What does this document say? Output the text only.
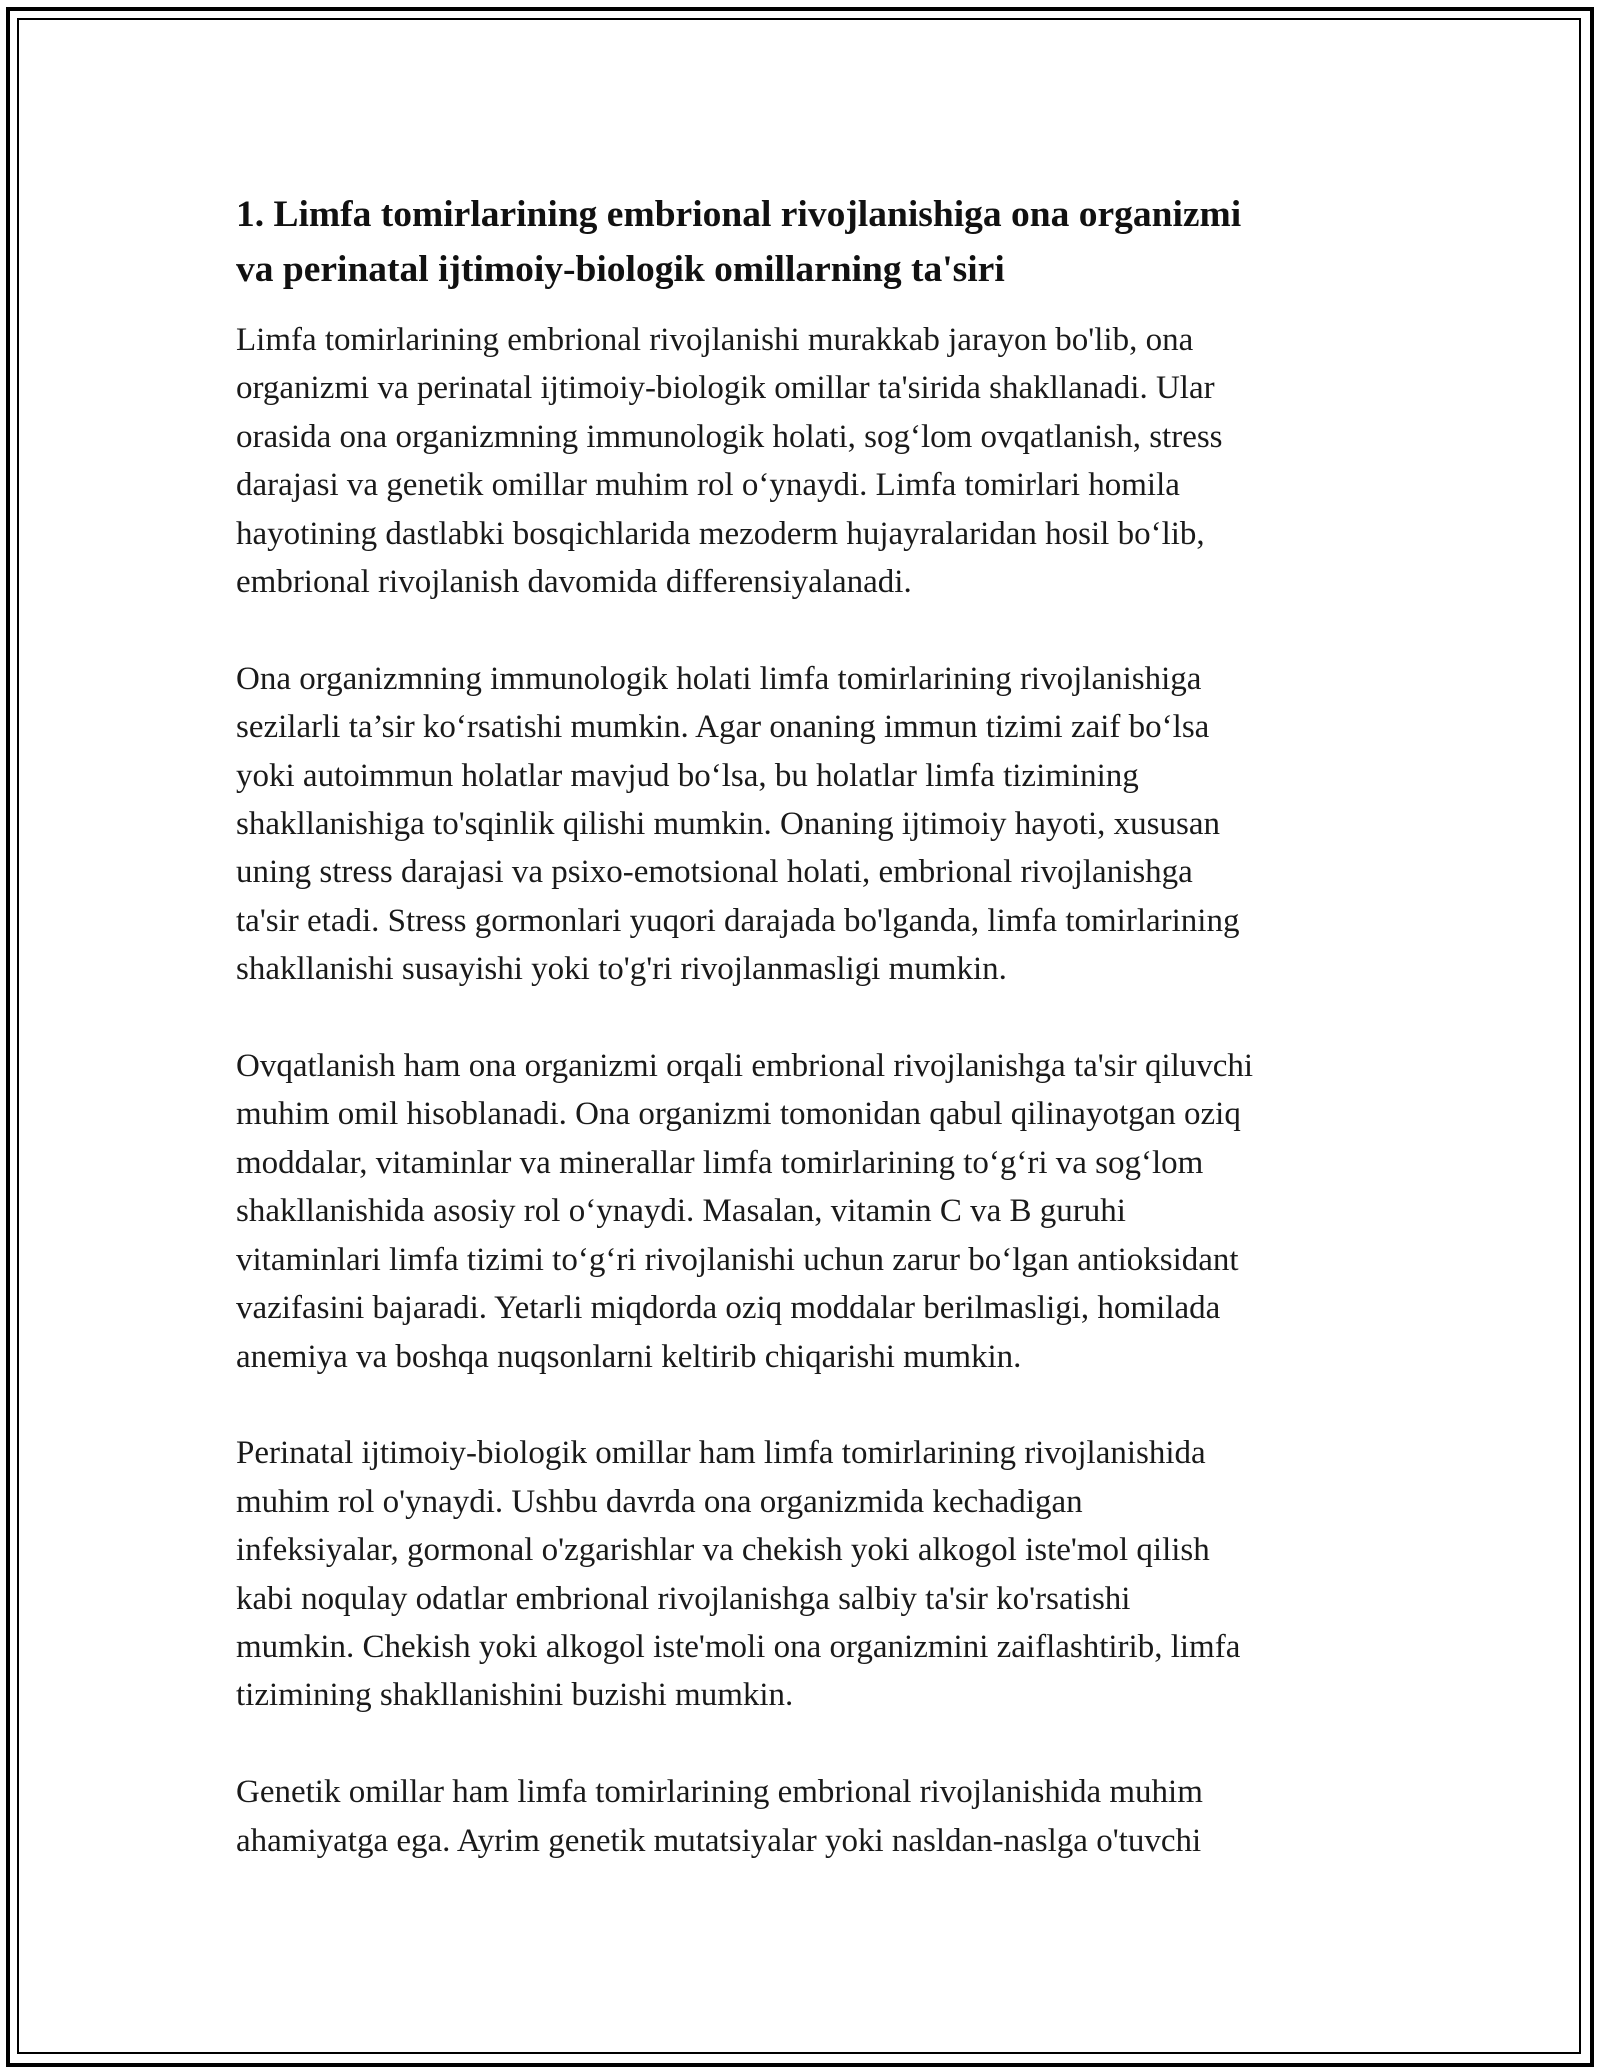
1. Limfa tomirlarining embrional rivojlanishiga ona organizmi
va perinatal ijtimoiy-biologik omillarning ta'siri

Limfa tomirlarining embrional rivojlanishi murakkab jarayon bo'lib, ona
organizmi va perinatal ijtimoiy-biologik omillar ta'sirida shakllanadi. Ular
orasida ona organizmning immunologik holati, sog‘lom ovqatlanish, stress
darajasi va genetik omillar muhim rol o‘ynaydi. Limfa tomirlari homila
hayotining dastlabki bosqichlarida mezoderm hujayralaridan hosil bo‘lib,
embrional rivojlanish davomida differensiyalanadi.

Ona organizmning immunologik holati limfa tomirlarining rivojlanishiga
sezilarli ta’sir ko‘rsatishi mumkin. Agar onaning immun tizimi zaif bo‘lsa
yoki autoimmun holatlar mavjud bo‘lsa, bu holatlar limfa tizimining
shakllanishiga to'sqinlik qilishi mumkin. Onaning ijtimoiy hayoti, xususan
uning stress darajasi va psixo-emotsional holati, embrional rivojlanishga
ta'sir etadi. Stress gormonlari yuqori darajada bo'lganda, limfa tomirlarining
shakllanishi susayishi yoki to'g'ri rivojlanmasligi mumkin.

Ovqatlanish ham ona organizmi orqali embrional rivojlanishga ta'sir qiluvchi
muhim omil hisoblanadi. Ona organizmi tomonidan qabul qilinayotgan oziq
moddalar, vitaminlar va minerallar limfa tomirlarining to‘g‘ri va sog‘lom
shakllanishida asosiy rol o‘ynaydi. Masalan, vitamin C va B guruhi
vitaminlari limfa tizimi to‘g‘ri rivojlanishi uchun zarur bo‘lgan antioksidant
vazifasini bajaradi. Yetarli miqdorda oziq moddalar berilmasligi, homilada
anemiya va boshqa nuqsonlarni keltirib chiqarishi mumkin.

Perinatal ijtimoiy-biologik omillar ham limfa tomirlarining rivojlanishida
muhim rol o'ynaydi. Ushbu davrda ona organizmida kechadigan
infeksiyalar, gormonal o'zgarishlar va chekish yoki alkogol iste'mol qilish
kabi noqulay odatlar embrional rivojlanishga salbiy ta'sir ko'rsatishi
mumkin. Chekish yoki alkogol iste'moli ona organizmini zaiflashtirib, limfa
tizimining shakllanishini buzishi mumkin.

Genetik omillar ham limfa tomirlarining embrional rivojlanishida muhim
ahamiyatga ega. Ayrim genetik mutatsiyalar yoki nasldan-naslga o'tuvchi
